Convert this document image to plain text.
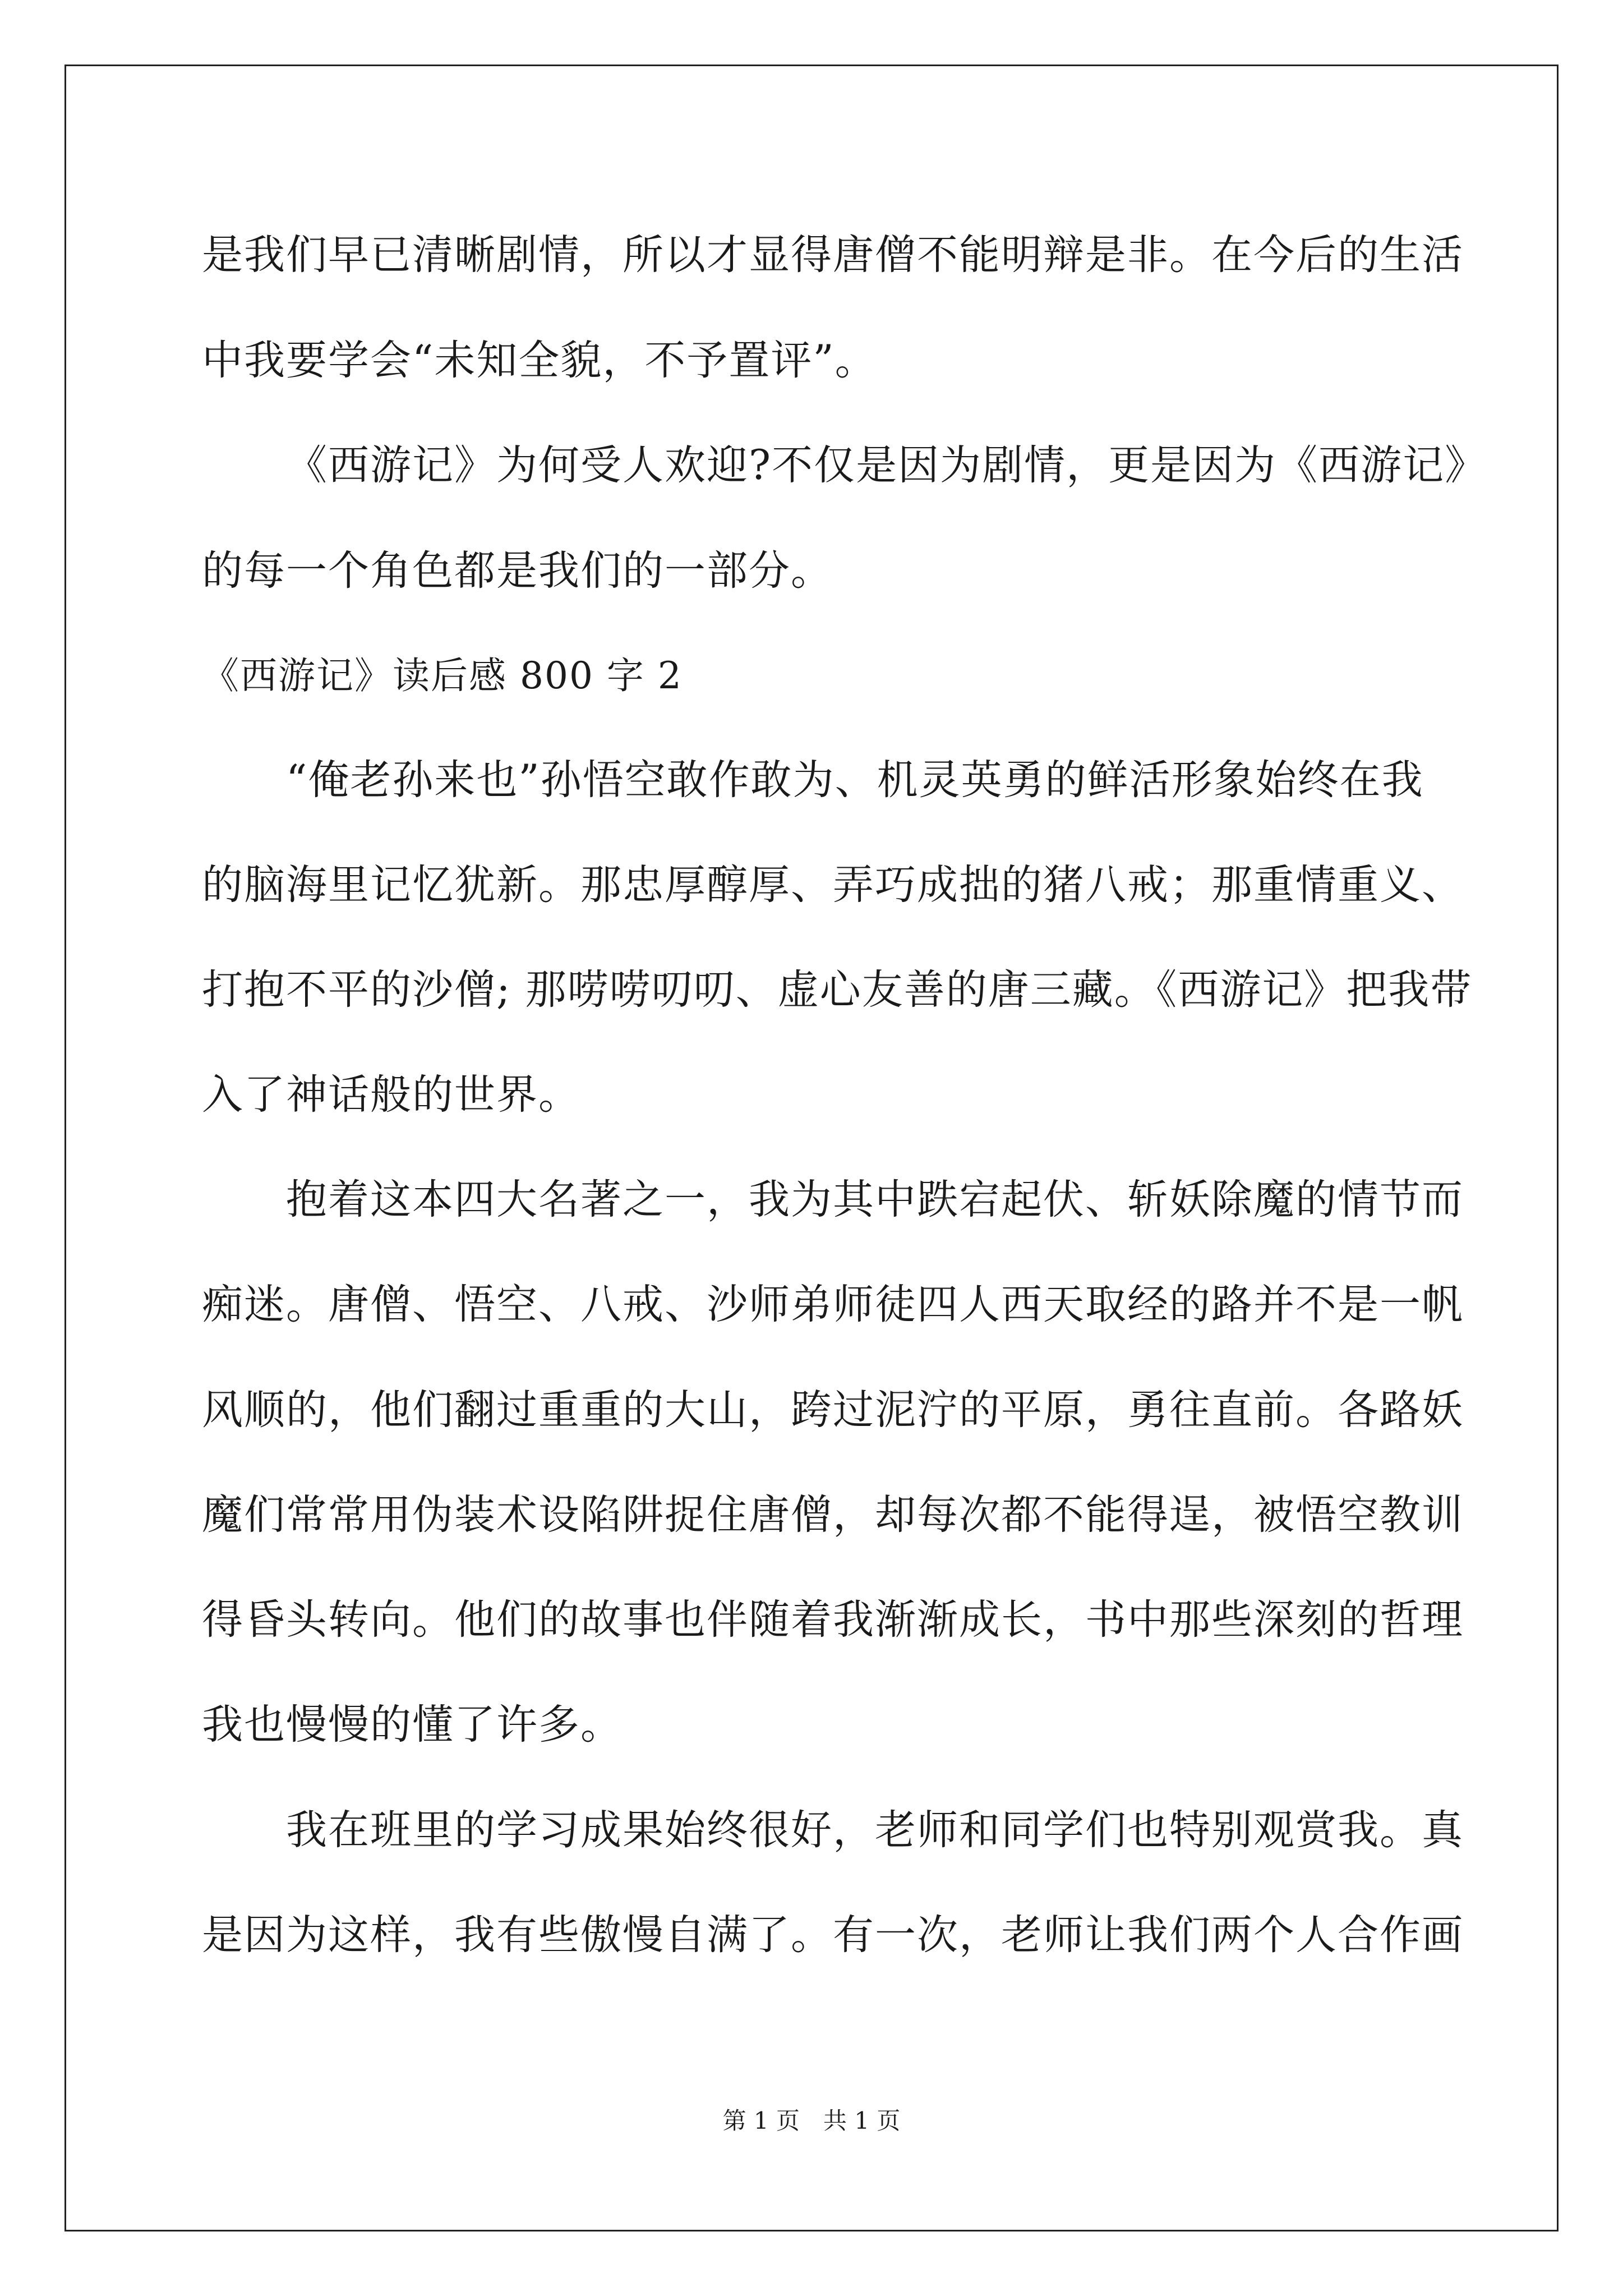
是我们早已清晰剧情，所以才显得唐僧不能明辩是非。在今后的生活
中我要学会“未知全貌，不予置评”。
《西游记》为何受人欢迎?不仅是因为剧情，更是因为《西游记》
的每一个角色都是我们的一部分。
《西游记》读后感 800 字 2
“俺老孙来也”孙悟空敢作敢为、机灵英勇的鲜活形象始终在我
的脑海里记忆犹新。那忠厚醇厚、弄巧成拙的猪八戒；那重情重义、
打抱不平的沙僧; 那唠唠叨叨、虚心友善的唐三藏。《西游记》把我带
入了神话般的世界。
抱着这本四大名著之一，我为其中跌宕起伏、斩妖除魔的情节而
痴迷。唐僧、悟空、八戒、沙师弟师徒四人西天取经的路并不是一帆
风顺的，他们翻过重重的大山，跨过泥泞的平原，勇往直前。各路妖
魔们常常用伪装术设陷阱捉住唐僧，却每次都不能得逞，被悟空教训
得昏头转向。他们的故事也伴随着我渐渐成长，书中那些深刻的哲理
我也慢慢的懂了许多。
我在班里的学习成果始终很好，老师和同学们也特别观赏我。真
是因为这样，我有些傲慢自满了。有一次，老师让我们两个人合作画
第 1 页　共 1 页
